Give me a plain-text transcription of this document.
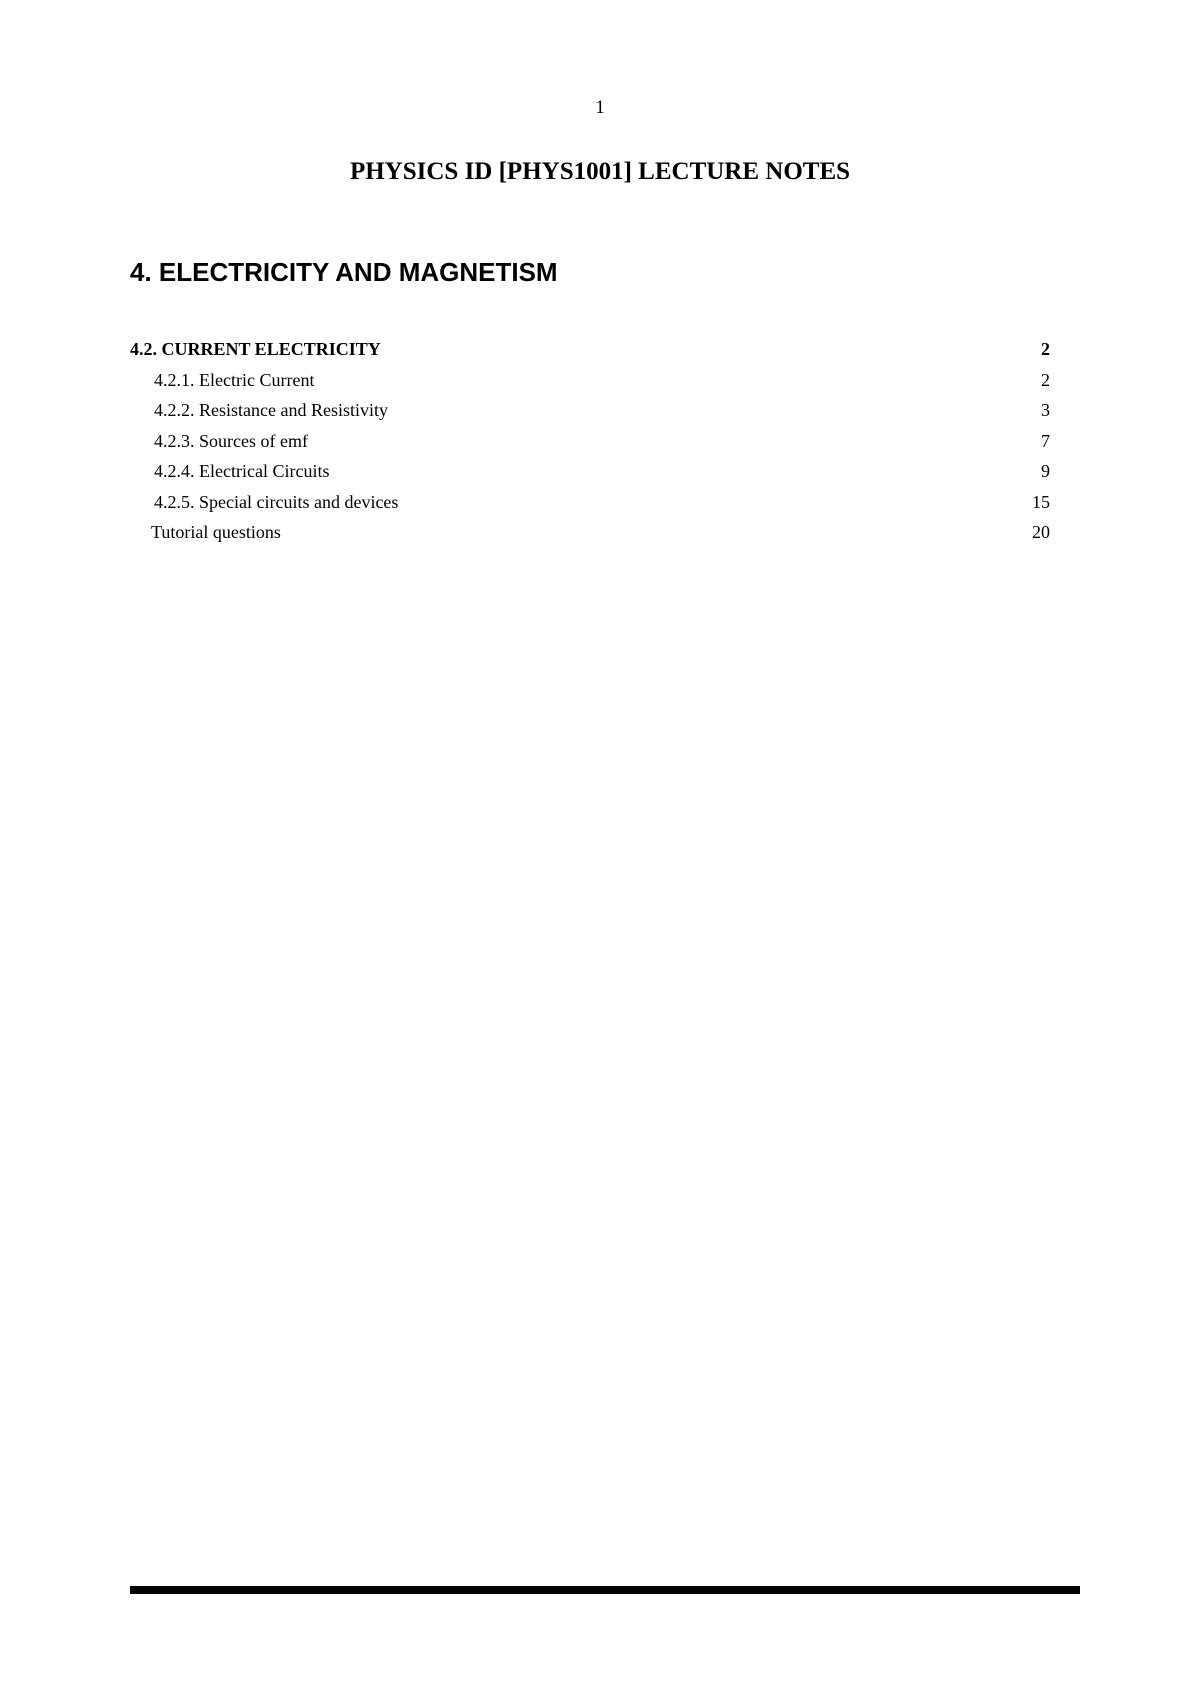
1
PHYSICS ID [PHYS1001] LECTURE NOTES
4. ELECTRICITY AND MAGNETISM
4.2. CURRENT ELECTRICITY	2
4.2.1. Electric Current	2
4.2.2. Resistance and Resistivity	3
4.2.3. Sources of emf	7
4.2.4. Electrical Circuits	9
4.2.5. Special circuits and devices	15
Tutorial questions	20
